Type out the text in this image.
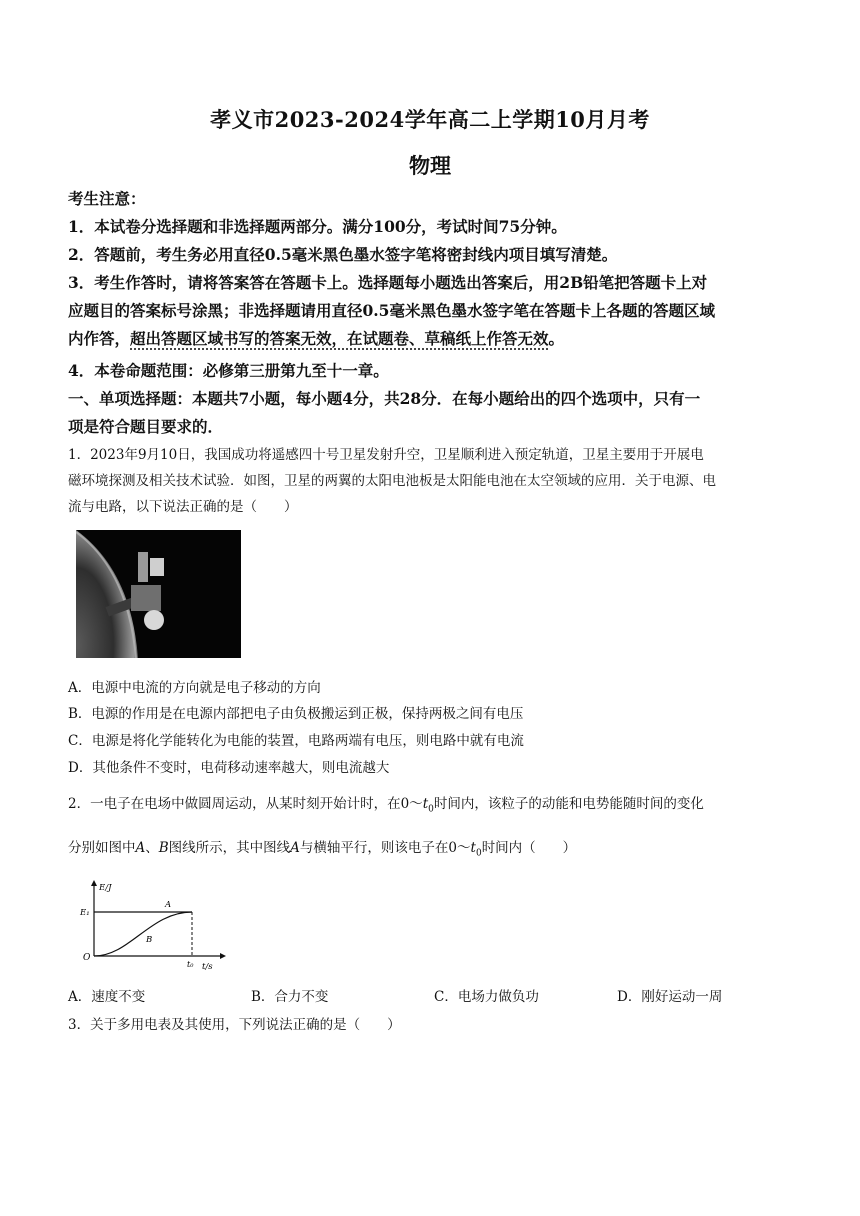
孝义市2023-2024学年高二上学期10月月考
物理
考生注意：
1．本试卷分选择题和非选择题两部分。满分100分，考试时间75分钟。
2．答题前，考生务必用直径0.5毫米黑色墨水签字笔将密封线内项目填写清楚。
3．考生作答时，请将答案答在答题卡上。选择题每小题选出答案后，用2B铅笔把答题卡上对
应题目的答案标号涂黑；非选择题请用直径0.5毫米黑色墨水签字笔在答题卡上各题的答题区域
内作答，超出答题区域书写的答案无效，在试题卷、草稿纸上作答无效。
4．本卷命题范围：必修第三册第九至十一章。
一、单项选择题：本题共7小题，每小题4分，共28分．在每小题给出的四个选项中，只有一
项是符合题目要求的．
1．2023年9月10日，我国成功将遥感四十号卫星发射升空，卫星顺利进入预定轨道，卫星主要用于开展电
磁环境探测及相关技术试验．如图，卫星的两翼的太阳电池板是太阳能电池在太空领域的应用．关于电源、电
流与电路，以下说法正确的是（　　）
A．电源中电流的方向就是电子移动的方向
B．电源的作用是在电源内部把电子由负极搬运到正极，保持两极之间有电压
C．电源是将化学能转化为电能的装置，电路两端有电压，则电路中就有电流
D．其他条件不变时，电荷移动速率越大，则电流越大
2．一电子在电场中做圆周运动，从某时刻开始计时，在$0\sim t_0$时间内，该粒子的动能和电势能随时间的变化
分别如图中A、B图线所示，其中图线A与横轴平行，则该电子在$0\sim t_0$时间内（　　）
E/J
t/s
O
E₁
t₀
A
B
A．速度不变	B．合力不变	C．电场力做负功	D．刚好运动一周
3．关于多用电表及其使用，下列说法正确的是（　　）
